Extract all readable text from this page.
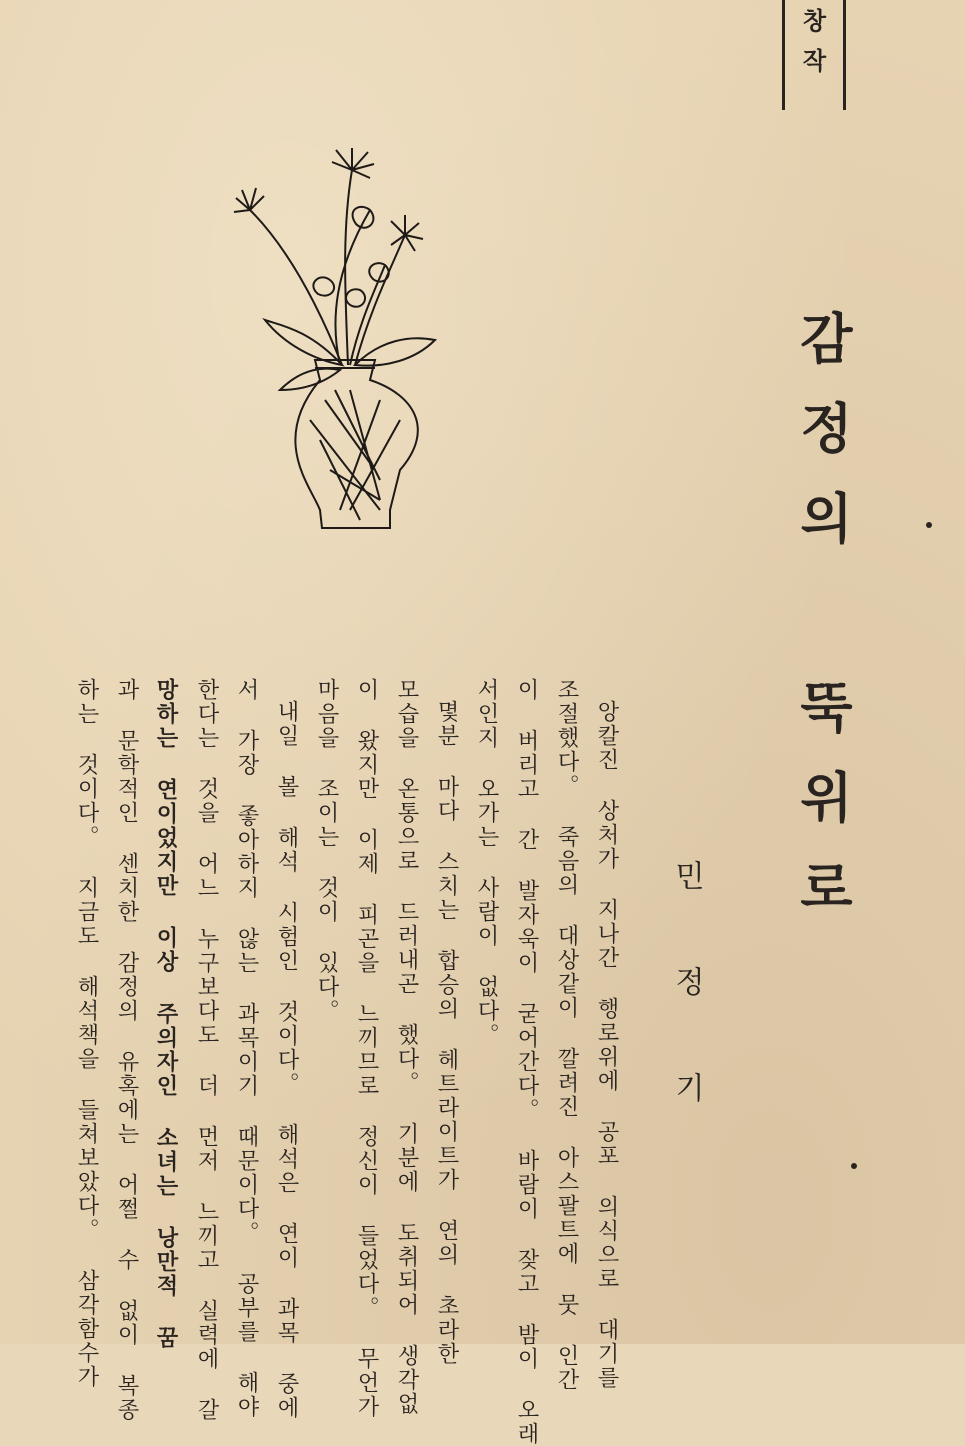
창작
감정의 뚝위로
민정기
앙칼진 상처가 지나간 행로위에 공포 의식으로 대기를
조절했다。 죽음의 대상같이 깔려진 아스팔트에 뭇 인간
이 버리고 간 발자욱이 굳어간다。 바람이 잦고 밤이 오래
서인지 오가는 사람이 없다。
몇분 마다 스치는 합승의 헤트라이트가 연의 초라한
모습을 온통으로 드러내곤 했다。 기분에 도취되어 생각없
이 왔지만 이제 피곤을 느끼므로 정신이 들었다。 무언가
마음을 조이는 것이 있다。
내일 볼 해석 시험인 것이다。 해석은 연이 과목 중에
서 가장 좋아하지 않는 과목이기 때문이다。 공부를 해야
한다는 것을 어느 누구보다도 더 먼저 느끼고 실력에 갈
망하는 연이었지만 이상 주의자인 소녀는 낭만적 꿈
과 문학적인 센치한 감정의 유혹에는 어쩔 수 없이 복종
하는 것이다。 지금도 해석책을 들쳐보았다。 삼각함수가
